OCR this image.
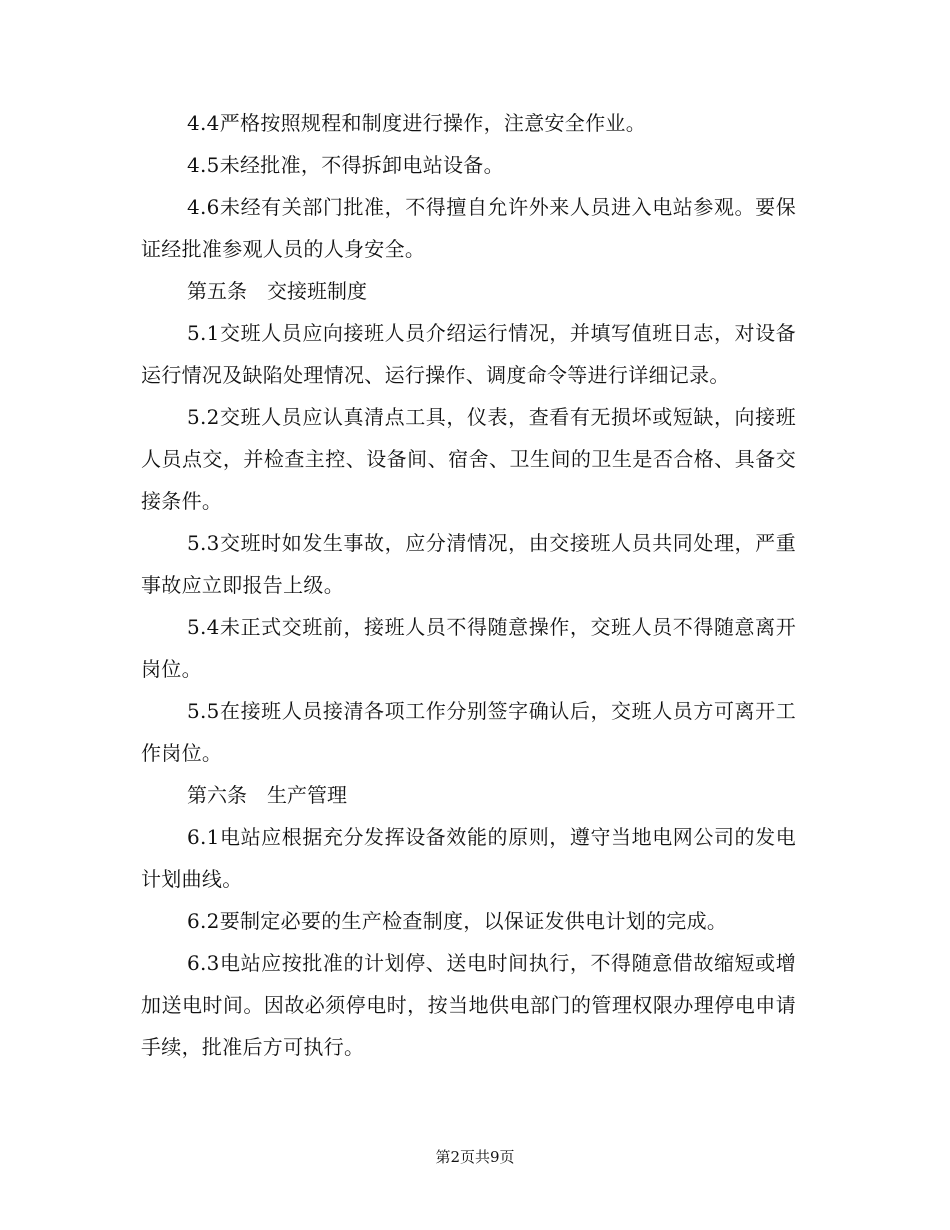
4.4严格按照规程和制度进行操作，注意安全作业。

4.5未经批准，不得拆卸电站设备。

4.6未经有关部门批准，不得擅自允许外来人员进入电站参观。要保证经批准参观人员的人身安全。

第五条　交接班制度

5.1交班人员应向接班人员介绍运行情况，并填写值班日志，对设备运行情况及缺陷处理情况、运行操作、调度命令等进行详细记录。

5.2交班人员应认真清点工具，仪表，查看有无损坏或短缺，向接班人员点交，并检查主控、设备间、宿舍、卫生间的卫生是否合格、具备交接条件。

5.3交班时如发生事故，应分清情况，由交接班人员共同处理，严重事故应立即报告上级。

5.4未正式交班前，接班人员不得随意操作，交班人员不得随意离开岗位。

5.5在接班人员接清各项工作分别签字确认后，交班人员方可离开工作岗位。

第六条　生产管理

6.1电站应根据充分发挥设备效能的原则，遵守当地电网公司的发电计划曲线。

6.2要制定必要的生产检查制度，以保证发供电计划的完成。

6.3电站应按批准的计划停、送电时间执行，不得随意借故缩短或增加送电时间。因故必须停电时，按当地供电部门的管理权限办理停电申请手续，批准后方可执行。

第2页共9页
